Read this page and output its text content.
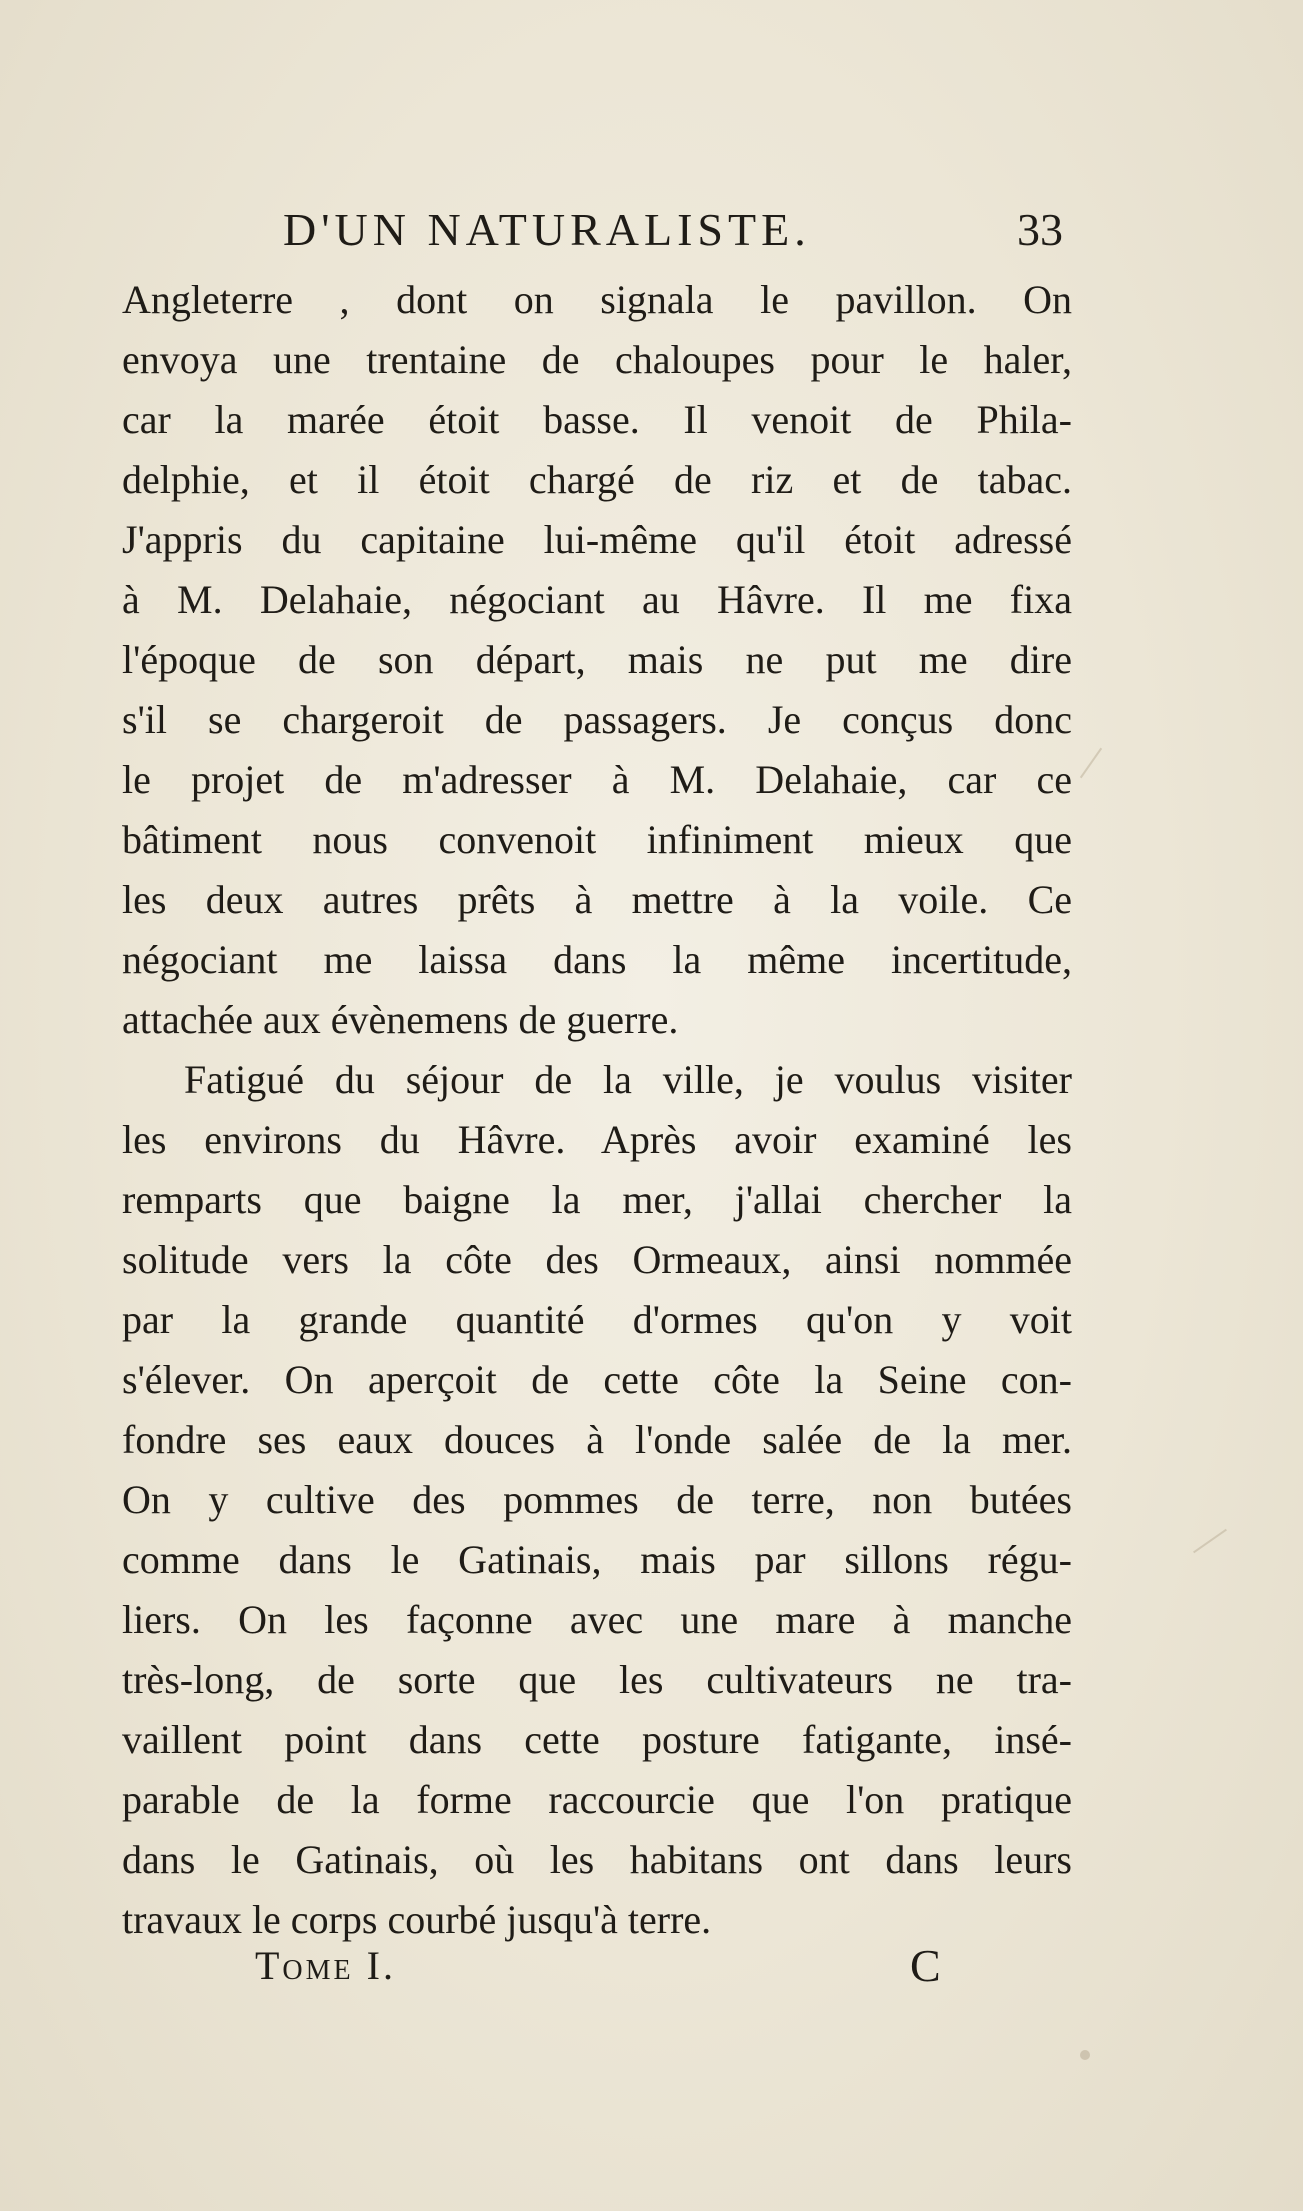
D'UN NATURALISTE.	33
Angleterre , dont on signala le pavillon. On
envoya une trentaine de chaloupes pour le haler,
car la marée étoit basse. Il venoit de Phila-
delphie, et il étoit chargé de riz et de tabac.
J'appris du capitaine lui-même qu'il étoit adressé
à M. Delahaie, négociant au Hâvre. Il me fixa
l'époque de son départ, mais ne put me dire
s'il se chargeroit de passagers. Je conçus donc
le projet de m'adresser à M. Delahaie, car ce
bâtiment nous convenoit infiniment mieux que
les deux autres prêts à mettre à la voile. Ce
négociant me laissa dans la même incertitude,
attachée aux évènemens de guerre.
Fatigué du séjour de la ville, je voulus visiter
les environs du Hâvre. Après avoir examiné les
remparts que baigne la mer, j'allai chercher la
solitude vers la côte des Ormeaux, ainsi nommée
par la grande quantité d'ormes qu'on y voit
s'élever. On aperçoit de cette côte la Seine con-
fondre ses eaux douces à l'onde salée de la mer.
On y cultive des pommes de terre, non butées
comme dans le Gatinais, mais par sillons régu-
liers. On les façonne avec une mare à manche
très-long, de sorte que les cultivateurs ne tra-
vaillent point dans cette posture fatigante, insé-
parable de la forme raccourcie que l'on pratique
dans le Gatinais, où les habitans ont dans leurs
travaux le corps courbé jusqu'à terre.
Tome I.	C
